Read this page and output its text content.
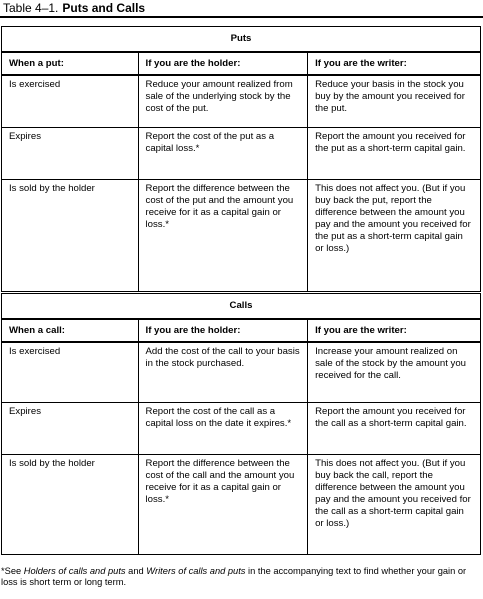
Table 4–1. Puts and Calls
Puts		
When a put:	If you are the holder:	If you are the writer:
Is exercised	Reduce your amount realized from sale of the underlying stock by the cost of the put.	Reduce your basis in the stock you buy by the amount you received for the put.
Expires	Report the cost of the put as a capital loss.*	Report the amount you received for the put as a short-term capital gain.
Is sold by the holder	Report the difference between the cost of the put and the amount you receive for it as a capital gain or loss.*	This does not affect you. (But if you buy back the put, report the difference between the amount you pay and the amount you received for the put as a short-term capital gain or loss.)
Calls		
When a call:	If you are the holder:	If you are the writer:
Is exercised	Add the cost of the call to your basis in the stock purchased.	Increase your amount realized on sale of the stock by the amount you received for the call.
Expires	Report the cost of the call as a capital loss on the date it expires.*	Report the amount you received for the call as a short-term capital gain.
Is sold by the holder	Report the difference between the cost of the call and the amount you receive for it as a capital gain or loss.*	This does not affect you. (But if you buy back the call, report the difference between the amount you pay and the amount you received for the call as a short-term capital gain or loss.)
*See Holders of calls and puts and Writers of calls and puts in the accompanying text to find whether your gain or loss is short term or long term.
